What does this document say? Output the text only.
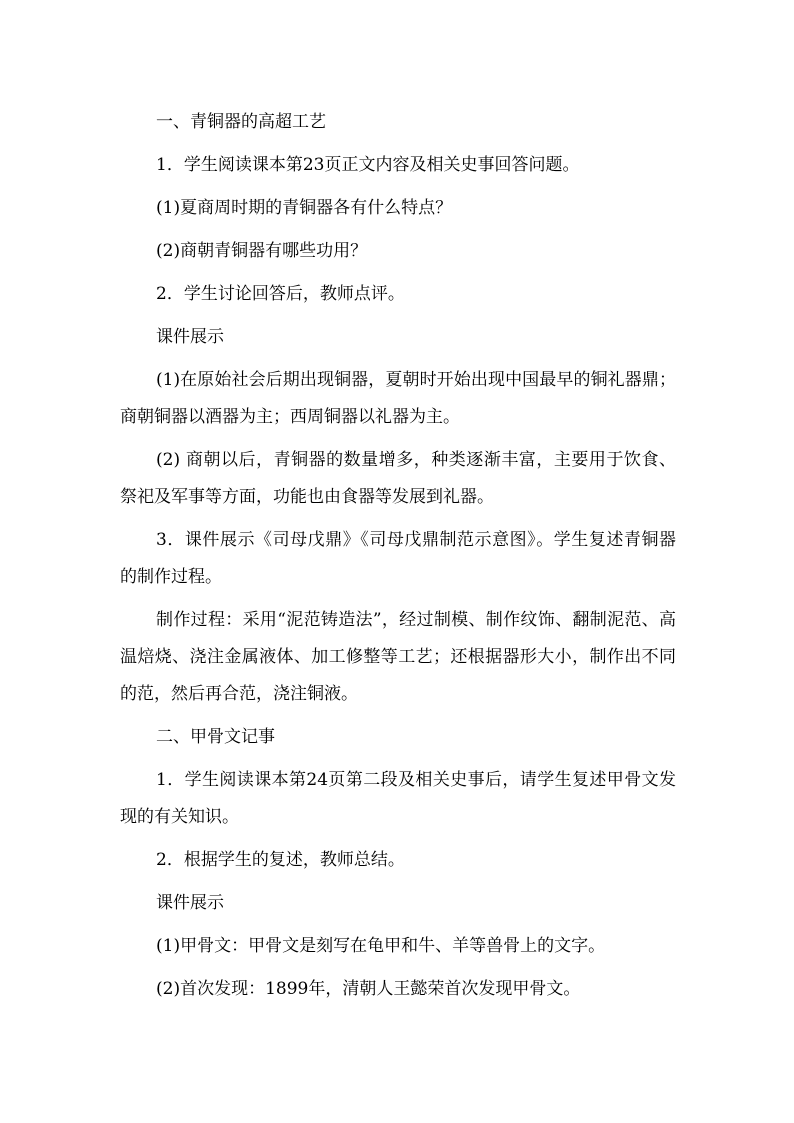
一、青铜器的高超工艺

1．学生阅读课本第23页正文内容及相关史事回答问题。

(1)夏商周时期的青铜器各有什么特点？

(2)商朝青铜器有哪些功用？

2．学生讨论回答后，教师点评。

课件展示

(1)在原始社会后期出现铜器，夏朝时开始出现中国最早的铜礼器鼎；商朝铜器以酒器为主；西周铜器以礼器为主。

(2) 商朝以后，青铜器的数量增多，种类逐渐丰富，主要用于饮食、祭祀及军事等方面，功能也由食器等发展到礼器。

3．课件展示《司母戊鼎》《司母戊鼎制范示意图》。学生复述青铜器的制作过程。

制作过程：采用“泥范铸造法”，经过制模、制作纹饰、翻制泥范、高温焙烧、浇注金属液体、加工修整等工艺；还根据器形大小，制作出不同的范，然后再合范，浇注铜液。

二、甲骨文记事

1．学生阅读课本第24页第二段及相关史事后，请学生复述甲骨文发现的有关知识。

2．根据学生的复述，教师总结。

课件展示

(1)甲骨文：甲骨文是刻写在龟甲和牛、羊等兽骨上的文字。

(2)首次发现：1899年，清朝人王懿荣首次发现甲骨文。
